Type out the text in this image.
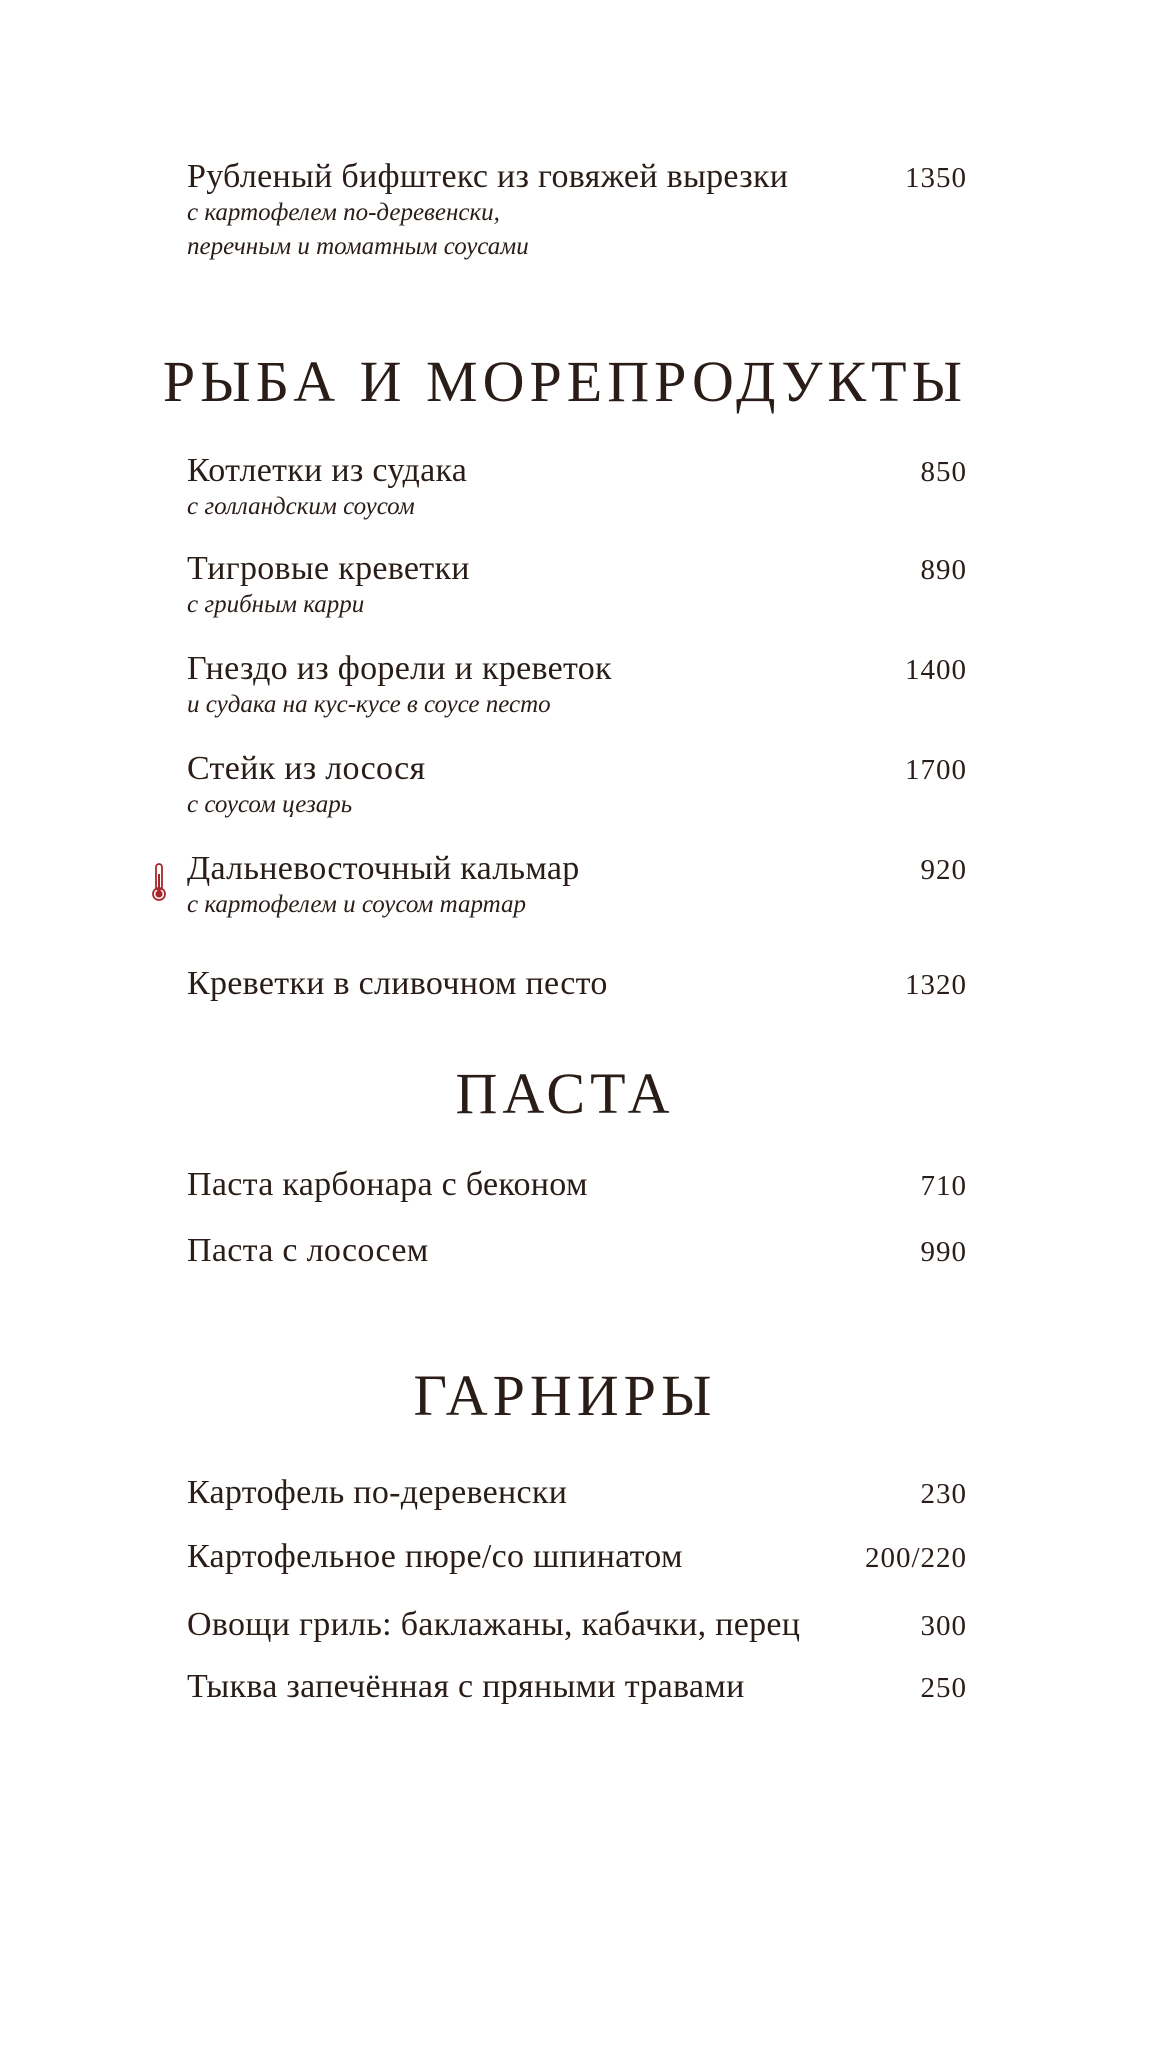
Рубленый бифштекс из говяжей вырезки	1350
с картофелем по-деревенски,
перечным и томатным соусами
РЫБА И МОРЕПРОДУКТЫ
Котлетки из судака	850
с голландским соусом
Тигровые креветки	890
с грибным карри
Гнездо из форели и креветок	1400
и судака на кус-кусе в соусе песто
Стейк из лосося	1700
с соусом цезарь
Дальневосточный кальмар	920
с картофелем и соусом тартар
Креветки в сливочном песто	1320
ПАСТА
Паста карбонара с беконом	710
Паста с лососем	990
ГАРНИРЫ
Картофель по-деревенски	230
Картофельное пюре/со шпинатом	200/220
Овощи гриль: баклажаны, кабачки, перец	300
Тыква запечённая с пряными травами	250
